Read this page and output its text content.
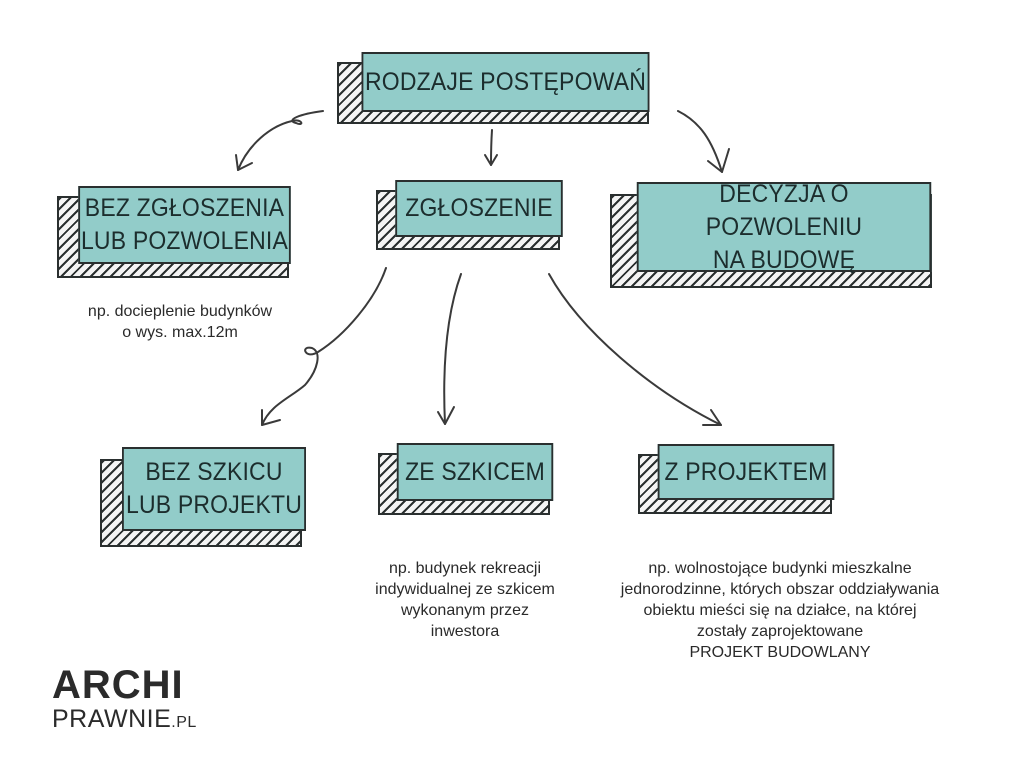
RODZAJE POSTĘPOWAŃ
BEZ ZGŁOSZENIA
LUB POZWOLENIA
np. docieplenie budynków
o wys. max.12m
ZGŁOSZENIE
DECYZJA O POZWOLENIU
NA BUDOWĘ
BEZ SZKICU
LUB PROJEKTU
ZE SZKICEM
np. budynek rekreacji
indywidualnej ze szkicem
wykonanym przez
inwestora
Z PROJEKTEM
np. wolnostojące budynki mieszkalne
jednorodzinne, których obszar oddziaływania
obiektu mieści się na działce, na której
zostały zaprojektowane
PROJEKT BUDOWLANY
ARCHI
PRAWNIE.PL
